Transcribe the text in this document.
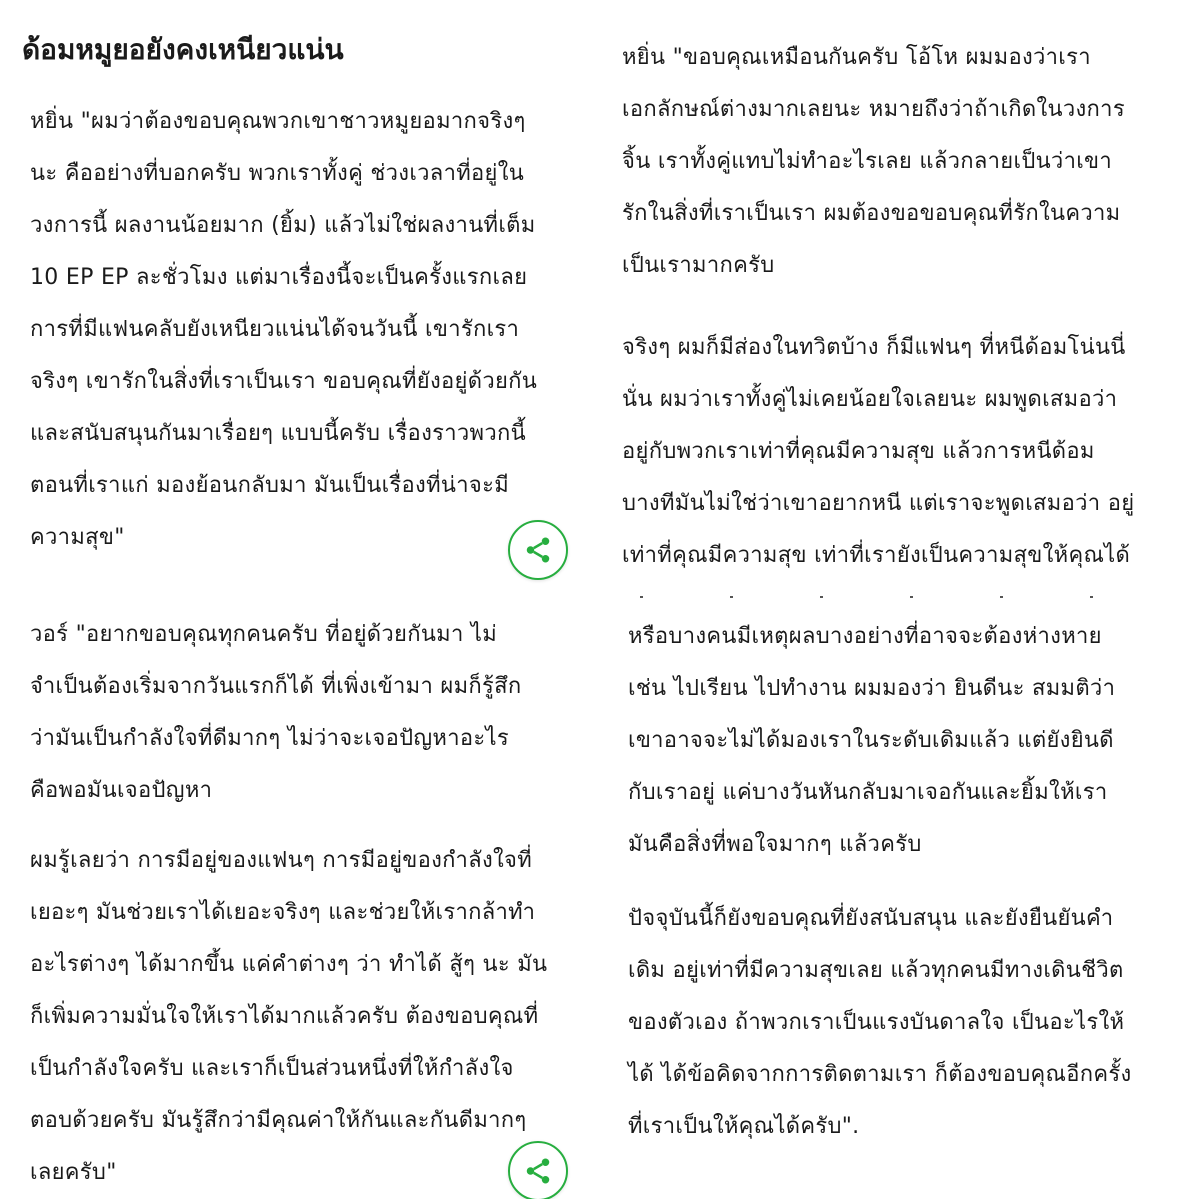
ด้อมหมูยอยังคงเหนียวแน่น

หยิ่น "ผมว่าต้องขอบคุณพวกเขาชาวหมูยอมากจริงๆ
นะ คืออย่างที่บอกครับ พวกเราทั้งคู่ ช่วงเวลาที่อยู่ใน
วงการนี้ ผลงานน้อยมาก (ยิ้ม) แล้วไม่ใช่ผลงานที่เต็ม
10 EP EP ละชั่วโมง แต่มาเรื่องนี้จะเป็นครั้งแรกเลย
การที่มีแฟนคลับยังเหนียวแน่นได้จนวันนี้ เขารักเรา
จริงๆ เขารักในสิ่งที่เราเป็นเรา ขอบคุณที่ยังอยู่ด้วยกัน
และสนับสนุนกันมาเรื่อยๆ แบบนี้ครับ เรื่องราวพวกนี้
ตอนที่เราแก่ มองย้อนกลับมา มันเป็นเรื่องที่น่าจะมี
ความสุข"

หยิ่น "ขอบคุณเหมือนกันครับ โอ้โห ผมมองว่าเรา
เอกลักษณ์ต่างมากเลยนะ หมายถึงว่าถ้าเกิดในวงการ
จิ้น เราทั้งคู่แทบไม่ทำอะไรเลย แล้วกลายเป็นว่าเขา
รักในสิ่งที่เราเป็นเรา ผมต้องขอขอบคุณที่รักในความ
เป็นเรามากครับ

จริงๆ ผมก็มีส่องในทวิตบ้าง ก็มีแฟนๆ ที่หนีด้อมโน่นนี่
นั่น ผมว่าเราทั้งคู่ไม่เคยน้อยใจเลยนะ ผมพูดเสมอว่า
อยู่กับพวกเราเท่าที่คุณมีความสุข แล้วการหนีด้อม
บางทีมันไม่ใช่ว่าเขาอยากหนี แต่เราจะพูดเสมอว่า อยู่
เท่าที่คุณมีความสุข เท่าที่เรายังเป็นความสุขให้คุณได้

วอร์ "อยากขอบคุณทุกคนครับ ที่อยู่ด้วยกันมา ไม่
จำเป็นต้องเริ่มจากวันแรกก็ได้ ที่เพิ่งเข้ามา ผมก็รู้สึก
ว่ามันเป็นกำลังใจที่ดีมากๆ ไม่ว่าจะเจอปัญหาอะไร
คือพอมันเจอปัญหา

ผมรู้เลยว่า การมีอยู่ของแฟนๆ การมีอยู่ของกำลังใจที่
เยอะๆ มันช่วยเราได้เยอะจริงๆ และช่วยให้เรากล้าทำ
อะไรต่างๆ ได้มากขึ้น แค่คำต่างๆ ว่า ทำได้ สู้ๆ นะ มัน
ก็เพิ่มความมั่นใจให้เราได้มากแล้วครับ ต้องขอบคุณที่
เป็นกำลังใจครับ และเราก็เป็นส่วนหนึ่งที่ให้กำลังใจ
ตอบด้วยครับ มันรู้สึกว่ามีคุณค่าให้กันและกันดีมากๆ
เลยครับ"

หรือบางคนมีเหตุผลบางอย่างที่อาจจะต้องห่างหาย
เช่น ไปเรียน ไปทำงาน ผมมองว่า ยินดีนะ สมมติว่า
เขาอาจจะไม่ได้มองเราในระดับเดิมแล้ว แต่ยังยินดี
กับเราอยู่ แค่บางวันหันกลับมาเจอกันและยิ้มให้เรา
มันคือสิ่งที่พอใจมากๆ แล้วครับ

ปัจจุบันนี้ก็ยังขอบคุณที่ยังสนับสนุน และยังยืนยันคำ
เดิม อยู่เท่าที่มีความสุขเลย แล้วทุกคนมีทางเดินชีวิต
ของตัวเอง ถ้าพวกเราเป็นแรงบันดาลใจ เป็นอะไรให้
ได้ ได้ข้อคิดจากการติดตามเรา ก็ต้องขอบคุณอีกครั้ง
ที่เราเป็นให้คุณได้ครับ".
